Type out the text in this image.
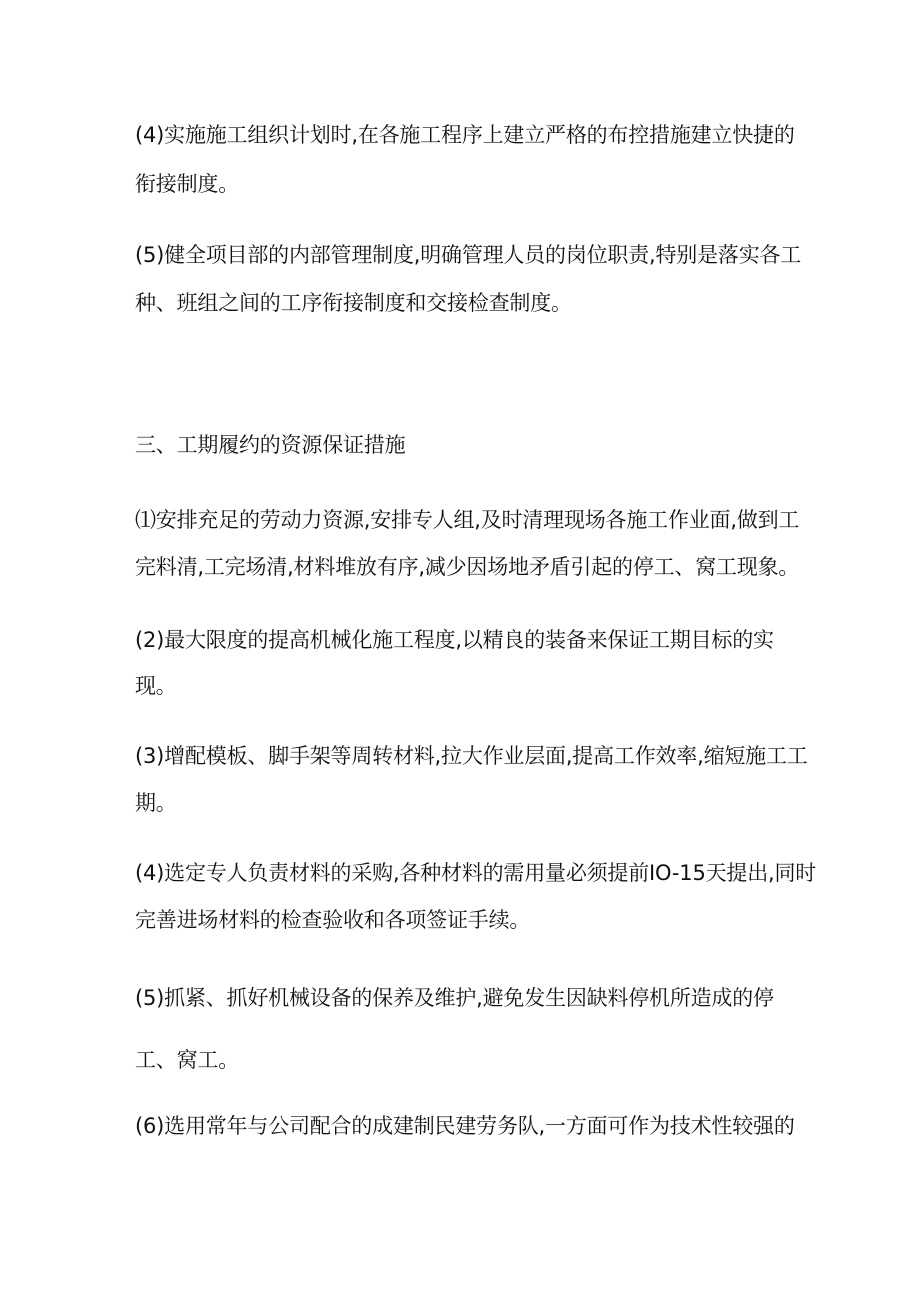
(4)实施施工组织计划时,在各施工程序上建立严格的布控措施建立快捷的
衔接制度。
(5)健全项目部的内部管理制度,明确管理人员的岗位职责,特别是落实各工
种、班组之间的工序衔接制度和交接检查制度。
三、工期履约的资源保证措施
⑴安排充足的劳动力资源,安排专人组,及时清理现场各施工作业面,做到工
完料清,工完场清,材料堆放有序,减少因场地矛盾引起的停工、窝工现象。
(2)最大限度的提高机械化施工程度,以精良的装备来保证工期目标的实
现。
(3)增配模板、脚手架等周转材料,拉大作业层面,提高工作效率,缩短施工工
期。
(4)选定专人负责材料的采购,各种材料的需用量必须提前IO-15天提出,同时
完善进场材料的检查验收和各项签证手续。
(5)抓紧、抓好机械设备的保养及维护,避免发生因缺料停机所造成的停
工、窝工。
(6)选用常年与公司配合的成建制民建劳务队,一方面可作为技术性较强的
